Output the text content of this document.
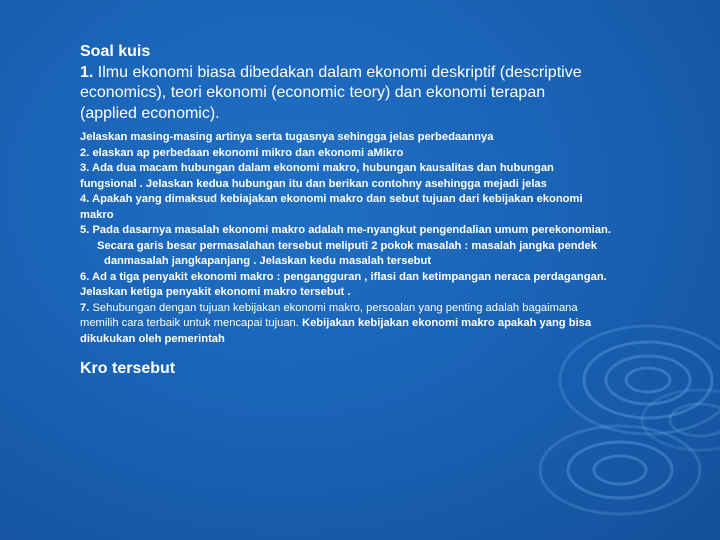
Soal kuis

1. Ilmu ekonomi biasa dibedakan dalam ekonomi deskriptif (descriptive

economics), teori ekonomi (economic teory) dan ekonomi terapan

(applied economic).

Jelaskan masing-masing artinya serta tugasnya sehingga jelas perbedaannya

2. elaskan ap perbedaan ekonomi mikro dan ekonomi aMikro

3. Ada dua macam hubungan dalam ekonomi makro, hubungan kausalitas dan hubungan

fungsional . Jelaskan kedua hubungan itu dan berikan contohny asehingga mejadi jelas

4. Apakah yang dimaksud kebiajakan ekonomi makro dan sebut tujuan dari kebijakan ekonomi

makro

5. Pada dasarnya masalah ekonomi makro adalah me-nyangkut pengendalian umum perekonomian.

Secara garis besar permasalahan tersebut meliputi 2 pokok masalah : masalah jangka pendek

danmasalah jangkapanjang . Jelaskan kedu masalah tersebut

6. Ad a tiga penyakit ekonomi makro : pengangguran , iflasi dan ketimpangan neraca perdagangan.

Jelaskan ketiga penyakit ekonomi makro tersebut .

7. Sehubungan dengan tujuan kebijakan ekonomi makro, persoalan yang penting adalah bagaimana

memilih cara terbaik untuk mencapai tujuan. Kebijakan kebijakan ekonomi makro apakah yang bisa

dikukukan oleh pemerintah

Kro tersebut
